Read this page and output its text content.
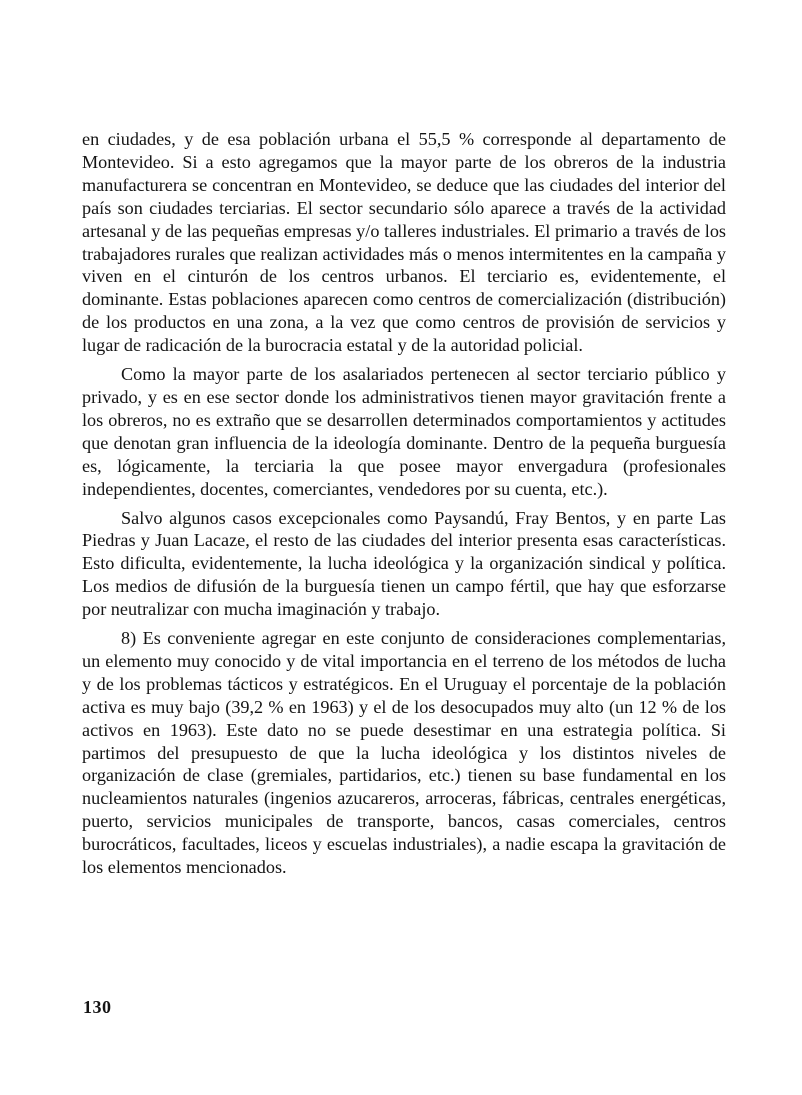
en ciudades, y de esa población urbana el 55,5 % corresponde al departamento de Montevideo. Si a esto agregamos que la mayor parte de los obreros de la industria manufacturera se concentran en Montevideo, se deduce que las ciudades del interior del país son ciudades terciarias. El sector secundario sólo aparece a través de la actividad artesanal y de las pequeñas empresas y/o talleres industriales. El primario a través de los trabajadores rurales que realizan actividades más o menos intermitentes en la campaña y viven en el cinturón de los centros urbanos. El terciario es, evidentemente, el dominante. Estas poblaciones aparecen como centros de comercialización (distribución) de los productos en una zona, a la vez que como centros de provisión de servicios y lugar de radicación de la burocracia estatal y de la autoridad policial.

Como la mayor parte de los asalariados pertenecen al sector terciario público y privado, y es en ese sector donde los administrativos tienen mayor gravitación frente a los obreros, no es extraño que se desarrollen determinados comportamientos y actitudes que denotan gran influencia de la ideología dominante. Dentro de la pequeña burguesía es, lógicamente, la terciaria la que posee mayor envergadura (profesionales independientes, docentes, comerciantes, vendedores por su cuenta, etc.).

Salvo algunos casos excepcionales como Paysandú, Fray Bentos, y en parte Las Piedras y Juan Lacaze, el resto de las ciudades del interior presenta esas características. Esto dificulta, evidentemente, la lucha ideológica y la organización sindical y política. Los medios de difusión de la burguesía tienen un campo fértil, que hay que esforzarse por neutralizar con mucha imaginación y trabajo.

8) Es conveniente agregar en este conjunto de consideraciones complementarias, un elemento muy conocido y de vital importancia en el terreno de los métodos de lucha y de los problemas tácticos y estratégicos. En el Uruguay el porcentaje de la población activa es muy bajo (39,2 % en 1963) y el de los desocupados muy alto (un 12 % de los activos en 1963). Este dato no se puede desestimar en una estrategia política. Si partimos del presupuesto de que la lucha ideológica y los distintos niveles de organización de clase (gremiales, partidarios, etc.) tienen su base fundamental en los nucleamientos naturales (ingenios azucareros, arroceras, fábricas, centrales energéticas, puerto, servicios municipales de transporte, bancos, casas comerciales, centros burocráticos, facultades, liceos y escuelas industriales), a nadie escapa la gravitación de los elementos mencionados.

130
